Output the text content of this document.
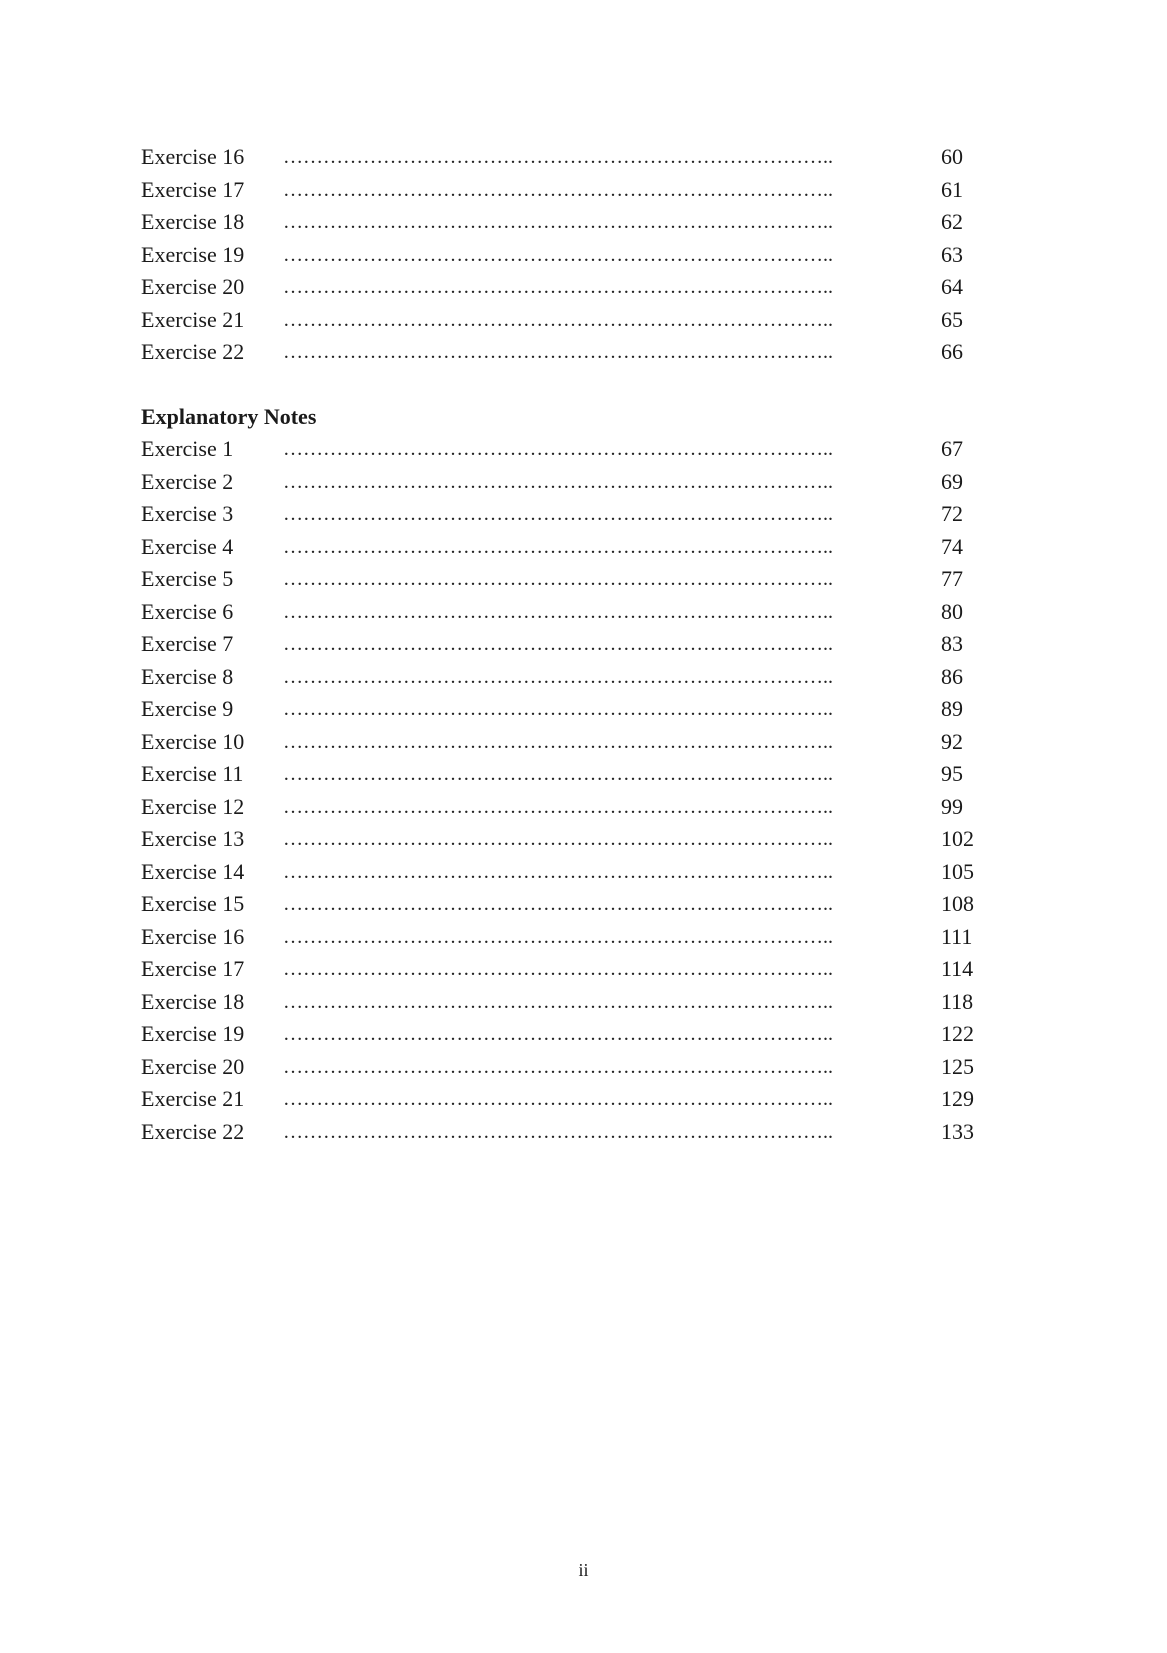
Exercise 16 ………………………………………………………………………..	60
Exercise 17 ………………………………………………………………………..	61
Exercise 18 ………………………………………………………………………..	62
Exercise 19 ………………………………………………………………………..	63
Exercise 20 ………………………………………………………………………..	64
Exercise 21 ………………………………………………………………………..	65
Exercise 22 ………………………………………………………………………..	66
Explanatory Notes
Exercise 1 ………………………………………………………………………..	67
Exercise 2 ………………………………………………………………………..	69
Exercise 3 ………………………………………………………………………..	72
Exercise 4 ………………………………………………………………………..	74
Exercise 5 ………………………………………………………………………..	77
Exercise 6 ………………………………………………………………………..	80
Exercise 7 ………………………………………………………………………..	83
Exercise 8 ………………………………………………………………………..	86
Exercise 9 ………………………………………………………………………..	89
Exercise 10 ………………………………………………………………………..	92
Exercise 11 ………………………………………………………………………..	95
Exercise 12 ………………………………………………………………………..	99
Exercise 13 ………………………………………………………………………..	102
Exercise 14 ………………………………………………………………………..	105
Exercise 15 ………………………………………………………………………..	108
Exercise 16 ………………………………………………………………………..	111
Exercise 17 ………………………………………………………………………..	114
Exercise 18 ………………………………………………………………………..	118
Exercise 19 ………………………………………………………………………..	122
Exercise 20 ………………………………………………………………………..	125
Exercise 21 ………………………………………………………………………..	129
Exercise 22 ………………………………………………………………………..	133
ii
